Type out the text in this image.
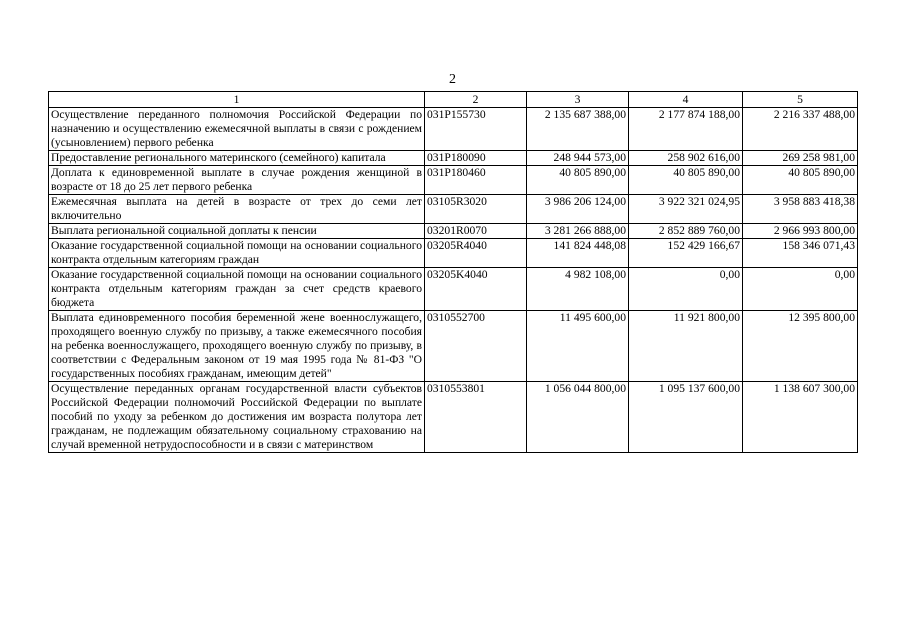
2
1	2	3	4	5
Осуществление переданного полномочия Российской Федерации по назначению и осуществлению ежемесячной выплаты в связи с рождением (усыновлением) первого ребенка	031P155730	2 135 687 388,00	2 177 874 188,00	2 216 337 488,00
Предоставление регионального материнского (семейного) капитала	031P180090	248 944 573,00	258 902 616,00	269 258 981,00
Доплата к единовременной выплате в случае рождения женщиной в возрасте от 18 до 25 лет первого ребенка	031P180460	40 805 890,00	40 805 890,00	40 805 890,00
Ежемесячная выплата на детей в возрасте от трех до семи лет включительно	03105R3020	3 986 206 124,00	3 922 321 024,95	3 958 883 418,38
Выплата региональной социальной доплаты к пенсии	03201R0070	3 281 266 888,00	2 852 889 760,00	2 966 993 800,00
Оказание государственной социальной помощи на основании социального контракта отдельным категориям граждан	03205R4040	141 824 448,08	152 429 166,67	158 346 071,43
Оказание государственной социальной помощи на основании социального контракта отдельным категориям граждан за счет средств краевого бюджета	03205K4040	4 982 108,00	0,00	0,00
Выплата единовременного пособия беременной жене военнослужащего, проходящего военную службу по призыву, а также ежемесячного пособия на ребенка военнослужащего, проходящего военную службу по призыву, в соответствии с Федеральным законом от 19 мая 1995 года № 81-ФЗ "О государственных пособиях гражданам, имеющим детей"	0310552700	11 495 600,00	11 921 800,00	12 395 800,00
Осуществление переданных органам государственной власти субъектов Российской Федерации полномочий Российской Федерации по выплате пособий по уходу за ребенком до достижения им возраста полутора лет гражданам, не подлежащим обязательному социальному страхованию на случай временной нетрудоспособности и в связи с материнством	0310553801	1 056 044 800,00	1 095 137 600,00	1 138 607 300,00
